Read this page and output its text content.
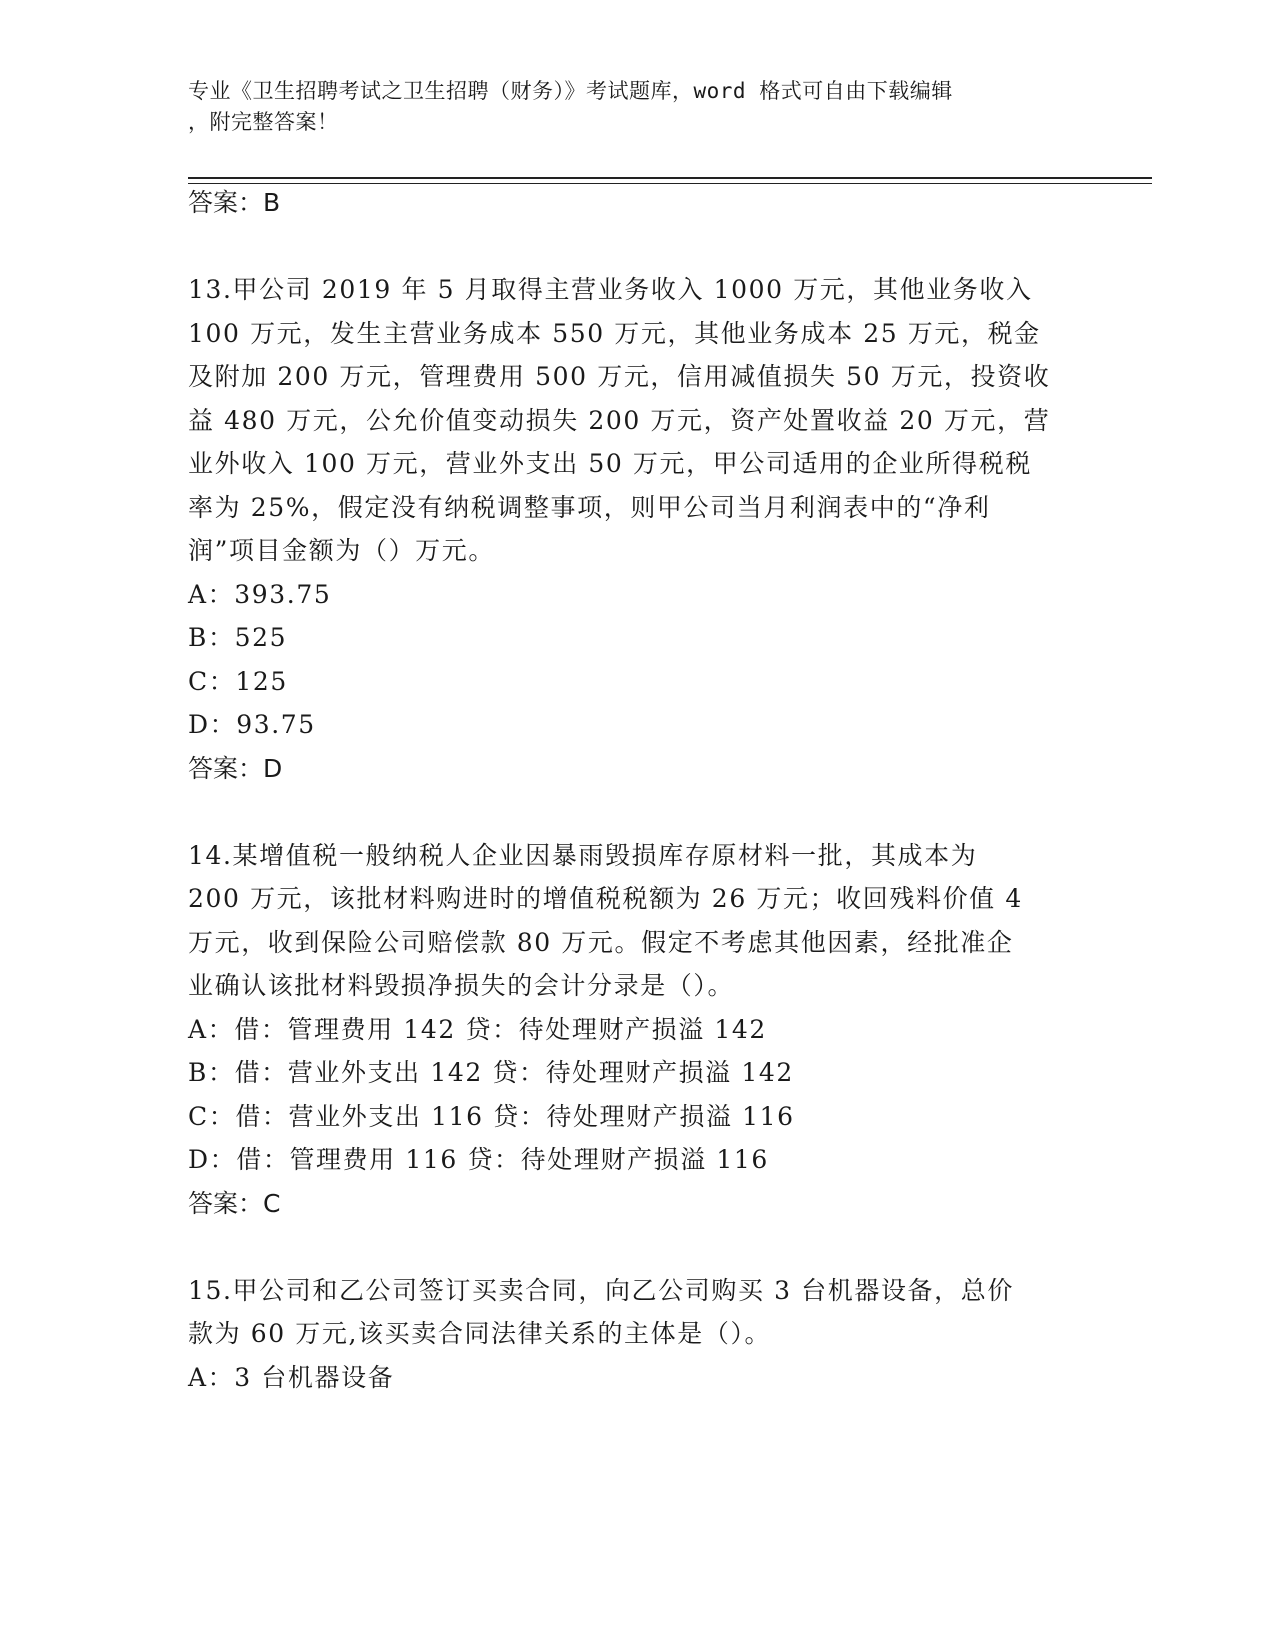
专业《卫生招聘考试之卫生招聘（财务）》考试题库，word 格式可自由下载编辑
，附完整答案！
答案：B
13.甲公司 2019 年 5 月取得主营业务收入 1000 万元，其他业务收入
100 万元，发生主营业务成本 550 万元，其他业务成本 25 万元，税金
及附加 200 万元，管理费用 500 万元，信用减值损失 50 万元，投资收
益 480 万元，公允价值变动损失 200 万元，资产处置收益 20 万元，营
业外收入 100 万元，营业外支出 50 万元，甲公司适用的企业所得税税
率为 25%，假定没有纳税调整事项，则甲公司当月利润表中的“净利
润”项目金额为（）万元。
A：393.75
B：525
C：125
D：93.75
答案：D
14.某增值税一般纳税人企业因暴雨毁损库存原材料一批，其成本为
200 万元，该批材料购进时的增值税税额为 26 万元；收回残料价值 4
万元，收到保险公司赔偿款 80 万元。假定不考虑其他因素，经批准企
业确认该批材料毁损净损失的会计分录是（）。
A：借：管理费用 142 贷：待处理财产损溢 142
B：借：营业外支出 142 贷：待处理财产损溢 142
C：借：营业外支出 116 贷：待处理财产损溢 116
D：借：管理费用 116 贷：待处理财产损溢 116
答案：C
15.甲公司和乙公司签订买卖合同，向乙公司购买 3 台机器设备，总价
款为 60 万元,该买卖合同法律关系的主体是（）。
A：3 台机器设备
